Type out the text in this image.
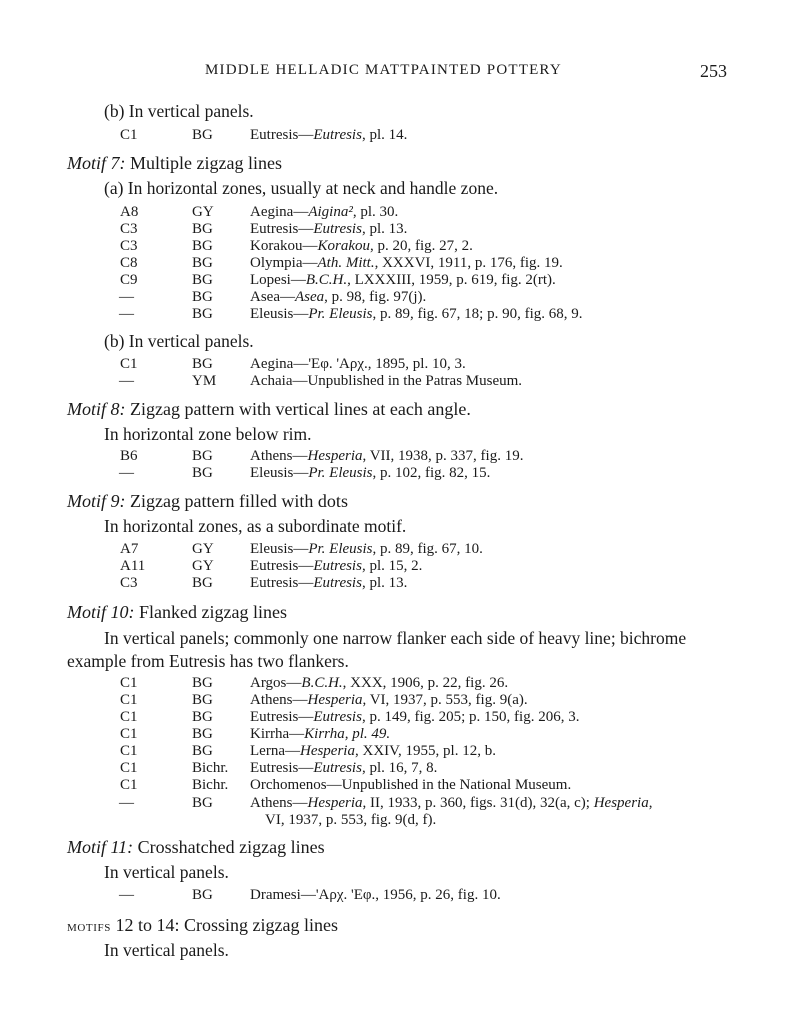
MIDDLE HELLADIC MATTPAINTED POTTERY	253
(b) In vertical panels.
C1	BG Eutresis—Eutresis, pl. 14.
Motif 7: Multiple zigzag lines
(a) In horizontal zones, usually at neck and handle zone.
A8	GY Aegina—Aigina², pl. 30.
C3	BG Eutresis—Eutresis, pl. 13.
C3	BG Korakou—Korakou, p. 20, fig. 27, 2.
C8	BG Olympia—Ath. Mitt., XXXVI, 1911, p. 176, fig. 19.
C9	BG Lopesi—B.C.H., LXXXIII, 1959, p. 619, fig. 2(rt).
—	BG Asea—Asea, p. 98, fig. 97(j).
—	BG Eleusis—Pr. Eleusis, p. 89, fig. 67, 18; p. 90, fig. 68, 9.
(b) In vertical panels.
C1	BG Aegina—'Εφ. 'Αρχ., 1895, pl. 10, 3.
—	YM Achaia—Unpublished in the Patras Museum.
Motif 8: Zigzag pattern with vertical lines at each angle.
In horizontal zone below rim.
B6	BG Athens—Hesperia, VII, 1938, p. 337, fig. 19.
—	BG Eleusis—Pr. Eleusis, p. 102, fig. 82, 15.
Motif 9: Zigzag pattern filled with dots
In horizontal zones, as a subordinate motif.
A7	GY Eleusis—Pr. Eleusis, p. 89, fig. 67, 10.
A11	GY Eutresis—Eutresis, pl. 15, 2.
C3	BG Eutresis—Eutresis, pl. 13.
Motif 10: Flanked zigzag lines
In vertical panels; commonly one narrow flanker each side of heavy line; bichrome
example from Eutresis has two flankers.
C1	BG Argos—B.C.H., XXX, 1906, p. 22, fig. 26.
C1	BG Athens—Hesperia, VI, 1937, p. 553, fig. 9(a).
C1	BG Eutresis—Eutresis, p. 149, fig. 205; p. 150, fig. 206, 3.
C1	BG Kirrha—Kirrha, pl. 49.
C1	BG Lerna—Hesperia, XXIV, 1955, pl. 12, b.
C1	Bichr. Eutresis—Eutresis, pl. 16, 7, 8.
C1	Bichr. Orchomenos—Unpublished in the National Museum.
—	BG Athens—Hesperia, II, 1933, p. 360, figs. 31(d), 32(a, c); Hesperia,
VI, 1937, p. 553, fig. 9(d, f).
Motif 11: Crosshatched zigzag lines
In vertical panels.
—	BG Dramesi—'Αρχ. 'Εφ., 1956, p. 26, fig. 10.
motifs 12 to 14: Crossing zigzag lines
In vertical panels.
